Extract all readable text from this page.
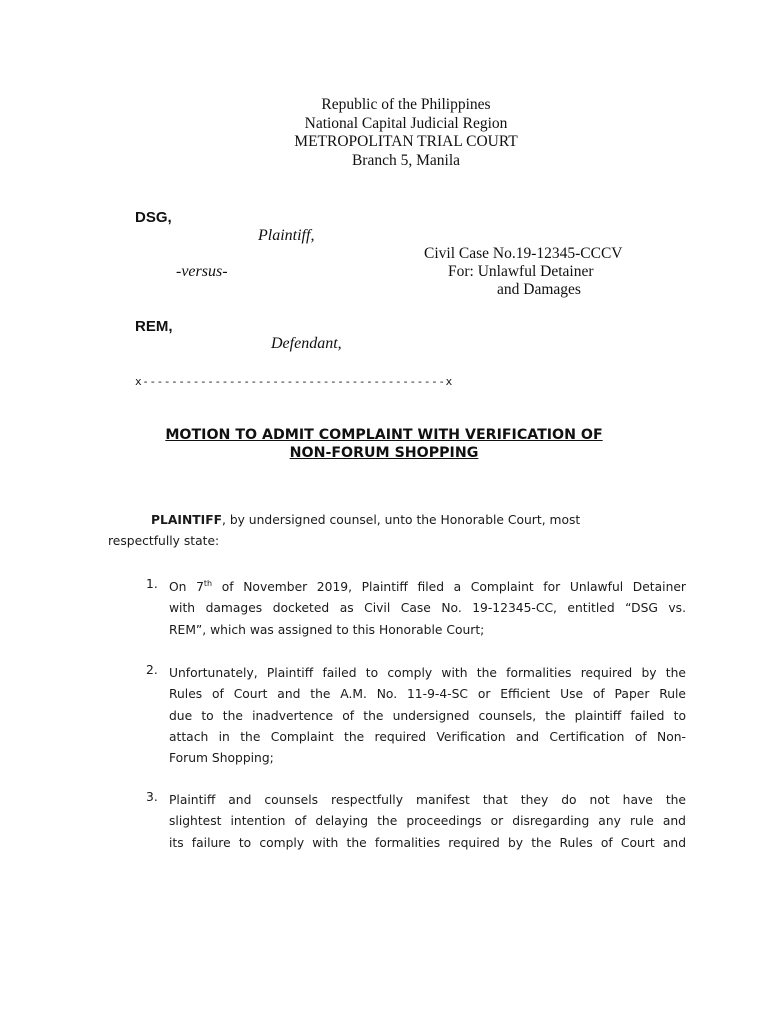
Republic of the Philippines
National Capital Judicial Region
METROPOLITAN TRIAL COURT
Branch 5, Manila
DSG,
Plaintiff,
-versus-
REM,
Defendant,
Civil Case No.19-12345-CCCV
For: Unlawful Detainer
and Damages
x------------------------------------------x
MOTION TO ADMIT COMPLAINT WITH VERIFICATION OF
NON-FORUM SHOPPING
PLAINTIFF, by undersigned counsel, unto the Honorable Court, most
respectfully state:
1. On 7th of November 2019, Plaintiff filed a Complaint for Unlawful Detainer
with damages docketed as Civil Case No. 19-12345-CC, entitled “DSG vs.
REM”, which was assigned to this Honorable Court;
2. Unfortunately, Plaintiff failed to comply with the formalities required by the
Rules of Court and the A.M. No. 11-9-4-SC or Efficient Use of Paper Rule
due to the inadvertence of the undersigned counsels, the plaintiff failed to
attach in the Complaint the required Verification and Certification of Non-
Forum Shopping;
3. Plaintiff and counsels respectfully manifest that they do not have the
slightest intention of delaying the proceedings or disregarding any rule and
its failure to comply with the formalities required by the Rules of Court and
